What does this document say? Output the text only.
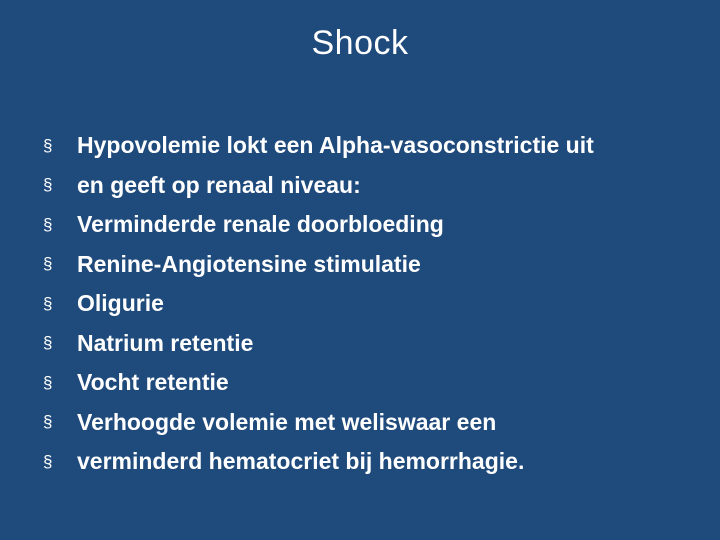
Shock
§	Hypovolemie lokt een Alpha-vasoconstrictie uit
§	en geeft op renaal niveau:
§	Verminderde renale doorbloeding
§	Renine-Angiotensine stimulatie
§	Oligurie
§	Natrium retentie
§	Vocht retentie
§	Verhoogde volemie met weliswaar een
§	verminderd hematocriet bij hemorrhagie.
